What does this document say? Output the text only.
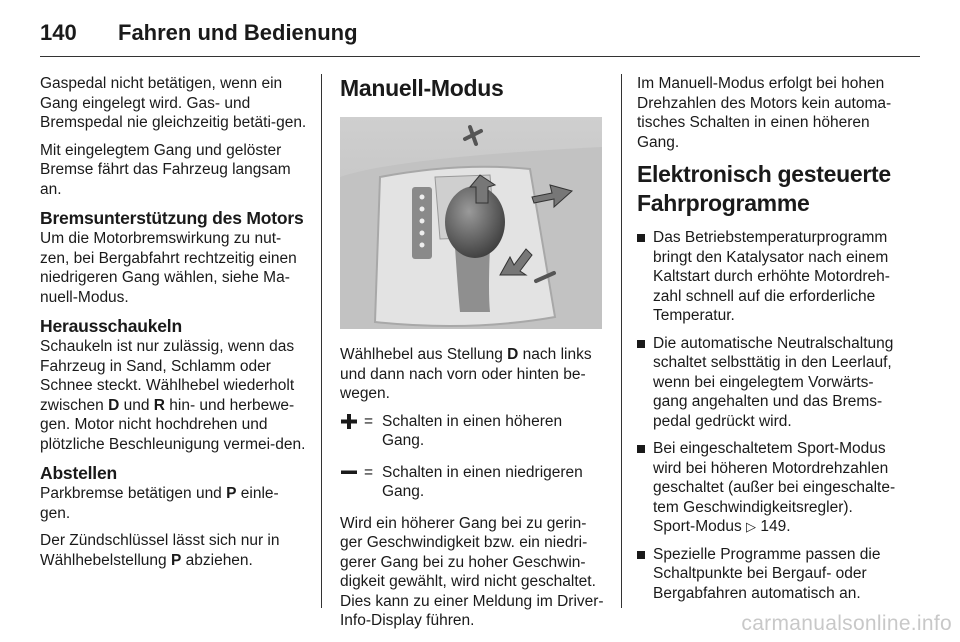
140 Fahren und Bedienung

Gaspedal nicht betätigen, wenn ein Gang eingelegt wird. Gas- und Bremspedal nie gleichzeitig betäti-gen.

Mit eingelegtem Gang und gelöster Bremse fährt das Fahrzeug langsam an.

Bremsunterstützung des Motors

Um die Motorbremswirkung zu nut-zen, bei Bergabfahrt rechtzeitig einen niedrigeren Gang wählen, siehe Ma-nuell-Modus.

Herausschaukeln

Schaukeln ist nur zulässig, wenn das Fahrzeug in Sand, Schlamm oder Schnee steckt. Wählhebel wiederholt zwischen D und R hin- und herbewe-gen. Motor nicht hochdrehen und plötzliche Beschleunigung vermei-den.

Abstellen

Parkbremse betätigen und P einle-gen.

Der Zündschlüssel lässt sich nur in Wählhebelstellung P abziehen.

Manuell-Modus

Wählhebel aus Stellung D nach links und dann nach vorn oder hinten be-wegen.

= Schalten in einen höheren Gang.
= Schalten in einen niedrigeren Gang.

Wird ein höherer Gang bei zu gerin-ger Geschwindigkeit bzw. ein niedri-gerer Gang bei zu hoher Geschwin-digkeit gewählt, wird nicht geschaltet. Dies kann zu einer Meldung im Driver-Info-Display führen.

Im Manuell-Modus erfolgt bei hohen Drehzahlen des Motors kein automa-tisches Schalten in einen höheren Gang.

Elektronisch gesteuerte Fahrprogramme
Das Betriebstemperaturprogramm bringt den Katalysator nach einem Kaltstart durch erhöhte Motordreh-zahl schnell auf die erforderliche Temperatur.
Die automatische Neutralschaltung schaltet selbsttätig in den Leerlauf, wenn bei eingelegtem Vorwärts-gang angehalten und das Brems-pedal gedrückt wird.
Bei eingeschaltetem Sport-Modus wird bei höheren Motordrehzahlen geschaltet (außer bei eingeschalte-tem Geschwindigkeitsregler).
Sport-Modus ▷ 149.
Spezielle Programme passen die Schaltpunkte bei Bergauf- oder Bergabfahren automatisch an.
carmanualsonline.info
